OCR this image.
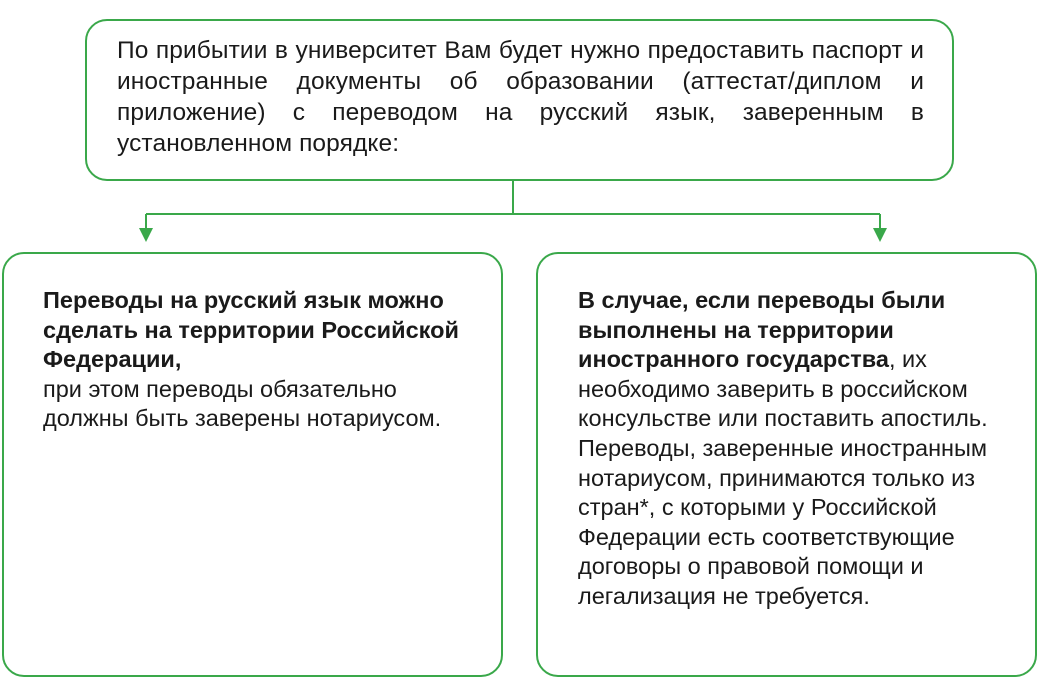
По прибытии в университет Вам будет нужно предоставить паспорт и иностранные документы об образовании (аттестат/диплом и приложение) с переводом на русский язык, заверенным в установленном порядке:
Переводы на русский язык можно сделать на территории Российской Федерации,
при этом переводы обязательно должны быть заверены нотариусом.
В случае, если переводы были выполнены на территории иностранного государства, их необходимо заверить в российском консульстве или поставить апостиль. Переводы, заверенные иностранным нотариусом, принимаются только из стран*, с которыми у Российской Федерации есть соответствующие договоры о правовой помощи и легализация не требуется.
